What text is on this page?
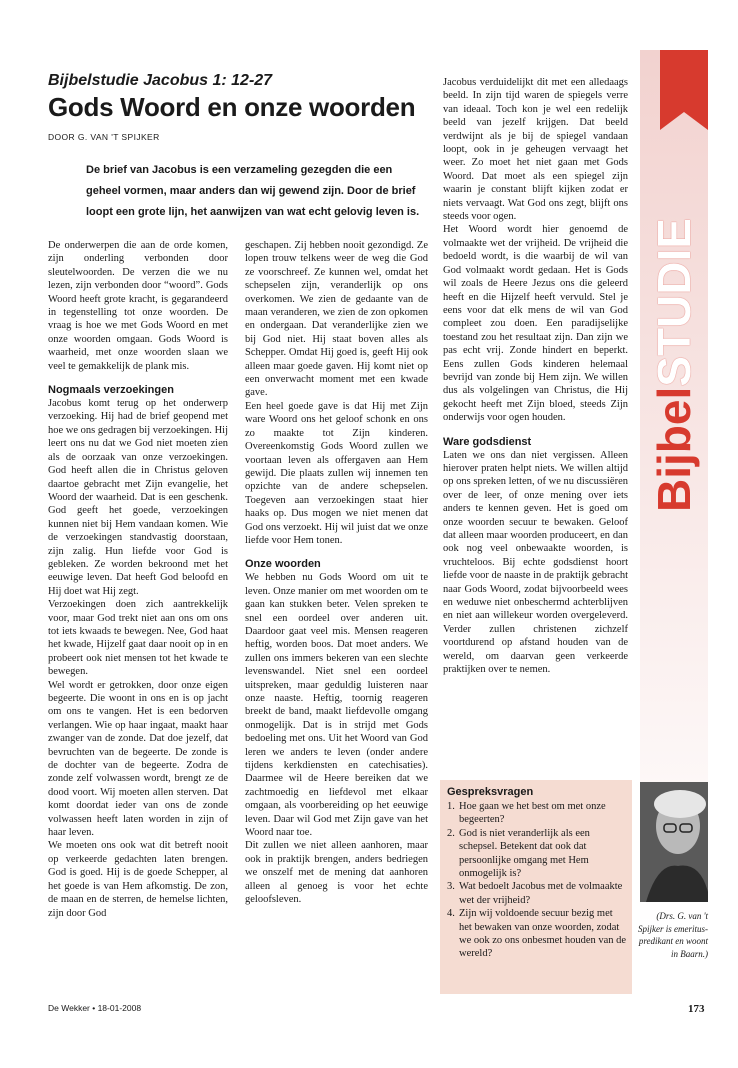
BijbelSTUDIE
Bijbelstudie Jacobus 1: 12-27
Gods Woord en onze woorden
DOOR G. VAN 'T SPIJKER
De brief van Jacobus is een verzameling gezegden die een geheel vormen, maar anders dan wij gewend zijn. Door de brief loopt een grote lijn, het aanwijzen van wat echt gelovig leven is.

De onderwerpen die aan de orde komen, zijn onderling verbonden door sleutelwoorden. De verzen die we nu lezen, zijn verbonden door “woord”. Gods Woord heeft grote kracht, is gegarandeerd in tegenstelling tot onze woorden. De vraag is hoe we met Gods Woord en met onze woorden omgaan. Gods Woord is waarheid, met onze woorden slaan we veel te gemakkelijk de plank mis.

Nogmaals verzoekingen

Jacobus komt terug op het onderwerp verzoeking. Hij had de brief geopend met hoe we ons gedragen bij verzoekingen. Hij leert ons nu dat we God niet moeten zien als de oorzaak van onze verzoekingen. God heeft allen die in Christus geloven daartoe gebracht met Zijn evangelie, het Woord der waarheid. Dat is een geschenk. God geeft het goede, verzoekingen kunnen niet bij Hem vandaan komen. Wie de verzoekingen standvastig doorstaan, zijn zalig. Hun liefde voor God is gebleken. Ze worden bekroond met het eeuwige leven. Dat heeft God beloofd en Hij doet wat Hij zegt.

Verzoekingen doen zich aantrekkelijk voor, maar God trekt niet aan ons om ons tot iets kwaads te bewegen. Nee, God haat het kwade, Hijzelf gaat daar nooit op in en probeert ook niet mensen tot het kwade te bewegen.

Wel wordt er getrokken, door onze eigen begeerte. Die woont in ons en is op jacht om ons te vangen. Het is een bedorven verlangen. Wie op haar ingaat, maakt haar zwanger van de zonde. Dat doe jezelf, dat bevruchten van de begeerte. De zonde is de dochter van de begeerte. Zodra de zonde zelf volwassen wordt, brengt ze de dood voort. Wij moeten allen sterven. Dat komt doordat ieder van ons de zonde volwassen heeft laten worden in zijn of haar leven.

We moeten ons ook wat dit betreft nooit op verkeerde gedachten laten brengen. God is goed. Hij is de goede Schepper, al het goede is van Hem afkomstig. De zon, de maan en de sterren, de hemelse lichten, zijn door God

geschapen. Zij hebben nooit gezondigd. Ze lopen trouw telkens weer de weg die God ze voorschreef. Ze kunnen wel, omdat het schepselen zijn, veranderlijk op ons overkomen. We zien de gedaante van de maan veranderen, we zien de zon opkomen en ondergaan. Dat veranderlijke zien we bij God niet. Hij staat boven alles als Schepper. Omdat Hij goed is, geeft Hij ook alleen maar goede gaven. Hij komt niet op een onverwacht moment met een kwade gave.

Een heel goede gave is dat Hij met Zijn ware Woord ons het geloof schonk en ons zo maakte tot Zijn kinderen. Overeenkomstig Gods Woord zullen we voortaan leven als offergaven aan Hem gewijd. Die plaats zullen wij innemen ten opzichte van de andere schepselen. Toegeven aan verzoekingen staat hier haaks op. Dus mogen we niet menen dat God ons verzoekt. Hij wil juist dat we onze liefde voor Hem tonen.

Onze woorden

We hebben nu Gods Woord om uit te leven. Onze manier om met woorden om te gaan kan stukken beter. Velen spreken te snel een oordeel over anderen uit. Daardoor gaat veel mis. Mensen reageren heftig, worden boos. Dat moet anders. We zullen ons immers bekeren van een slechte levenswandel. Niet snel een oordeel uitspreken, maar geduldig luisteren naar onze naaste. Heftig, toornig reageren breekt de band, maakt liefdevolle omgang onmogelijk. Dat is in strijd met Gods bedoeling met ons. Uit het Woord van God leren we anders te leven (onder andere tijdens kerkdiensten en catechisaties). Daarmee wil de Heere bereiken dat we zachtmoedig en liefdevol met elkaar omgaan, als voorbereiding op het eeuwige leven. Daar wil God met Zijn gave van het Woord naar toe.

Dit zullen we niet alleen aanhoren, maar ook in praktijk brengen, anders bedriegen we onszelf met de mening dat aanhoren alleen al genoeg is voor het echte geloofsleven.

Jacobus verduidelijkt dit met een alledaags beeld. In zijn tijd waren de spiegels verre van ideaal. Toch kon je wel een redelijk beeld van jezelf krijgen. Dat beeld verdwijnt als je bij de spiegel vandaan loopt, ook in je geheugen vervaagt het weer. Zo moet het niet gaan met Gods Woord. Dat moet als een spiegel zijn waarin je constant blijft kijken zodat er niets vervaagt. Wat God ons zegt, blijft ons steeds voor ogen.

Het Woord wordt hier genoemd de volmaakte wet der vrijheid. De vrijheid die bedoeld wordt, is die waarbij de wil van God volmaakt wordt gedaan. Het is Gods wil zoals de Heere Jezus ons die geleerd heeft en die Hijzelf heeft vervuld. Stel je eens voor dat elk mens de wil van God compleet zou doen. Een paradijselijke toestand zou het resultaat zijn. Dan zijn we pas echt vrij. Zonde hindert en beperkt. Eens zullen Gods kinderen helemaal bevrijd van zonde bij Hem zijn. We willen dus als volgelingen van Christus, die Hij gekocht heeft met Zijn bloed, steeds Zijn onderwijs voor ogen houden.

Ware godsdienst

Laten we ons dan niet vergissen. Alleen hierover praten helpt niets. We willen altijd op ons spreken letten, of we nu discussiëren over de leer, of onze mening over iets anders te kennen geven. Het is goed om onze woorden secuur te bewaken. Geloof dat alleen maar woorden produceert, en dan ook nog veel onbewaakte woorden, is vruchteloos. Bij echte godsdienst hoort liefde voor de naaste in de praktijk gebracht naar Gods Woord, zodat bijvoorbeeld wees en weduwe niet onbeschermd achterblijven en niet aan willekeur worden overgeleverd. Verder zullen christenen zichzelf voortdurend op afstand houden van de wereld, om daarvan geen verkeerde praktijken over te nemen.

Gespreksvragen
1. Hoe gaan we het best om met onze begeerten?
2. God is niet veranderlijk als een schepsel. Betekent dat ook dat persoonlijke omgang met Hem onmogelijk is?
3. Wat bedoelt Jacobus met de volmaakte wet der vrijheid?
4. Zijn wij voldoende secuur bezig met het bewaken van onze woorden, zodat we ook zo ons onbesmet houden van de wereld?
(Drs. G. van 't Spijker is emeritus-predikant en woont in Baarn.)
De Wekker • 18-01-2008	173
